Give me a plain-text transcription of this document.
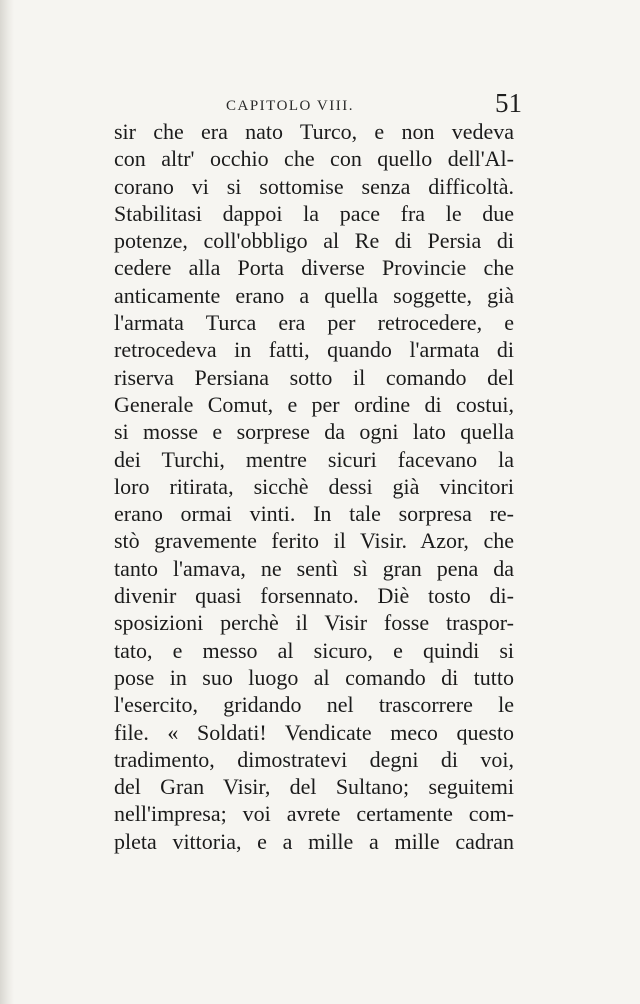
CAPITOLO VIII.	51
sir che era nato Turco, e non vedeva
con altr' occhio che con quello dell'Al-
corano vi si sottomise senza difficoltà.
Stabilitasi dappoi la pace fra le due
potenze, coll'obbligo al Re di Persia di
cedere alla Porta diverse Provincie che
anticamente erano a quella soggette, già
l'armata Turca era per retrocedere, e
retrocedeva in fatti, quando l'armata di
riserva Persiana sotto il comando del
Generale Comut, e per ordine di costui,
si mosse e sorprese da ogni lato quella
dei Turchi, mentre sicuri facevano la
loro ritirata, sicchè dessi già vincitori
erano ormai vinti. In tale sorpresa re-
stò gravemente ferito il Visir. Azor, che
tanto l'amava, ne sentì sì gran pena da
divenir quasi forsennato. Diè tosto di-
sposizioni perchè il Visir fosse traspor-
tato, e messo al sicuro, e quindi si
pose in suo luogo al comando di tutto
l'esercito, gridando nel trascorrere le
file. « Soldati! Vendicate meco questo
tradimento, dimostratevi degni di voi,
del Gran Visir, del Sultano; seguitemi
nell'impresa; voi avrete certamente com-
pleta vittoria, e a mille a mille cadran
